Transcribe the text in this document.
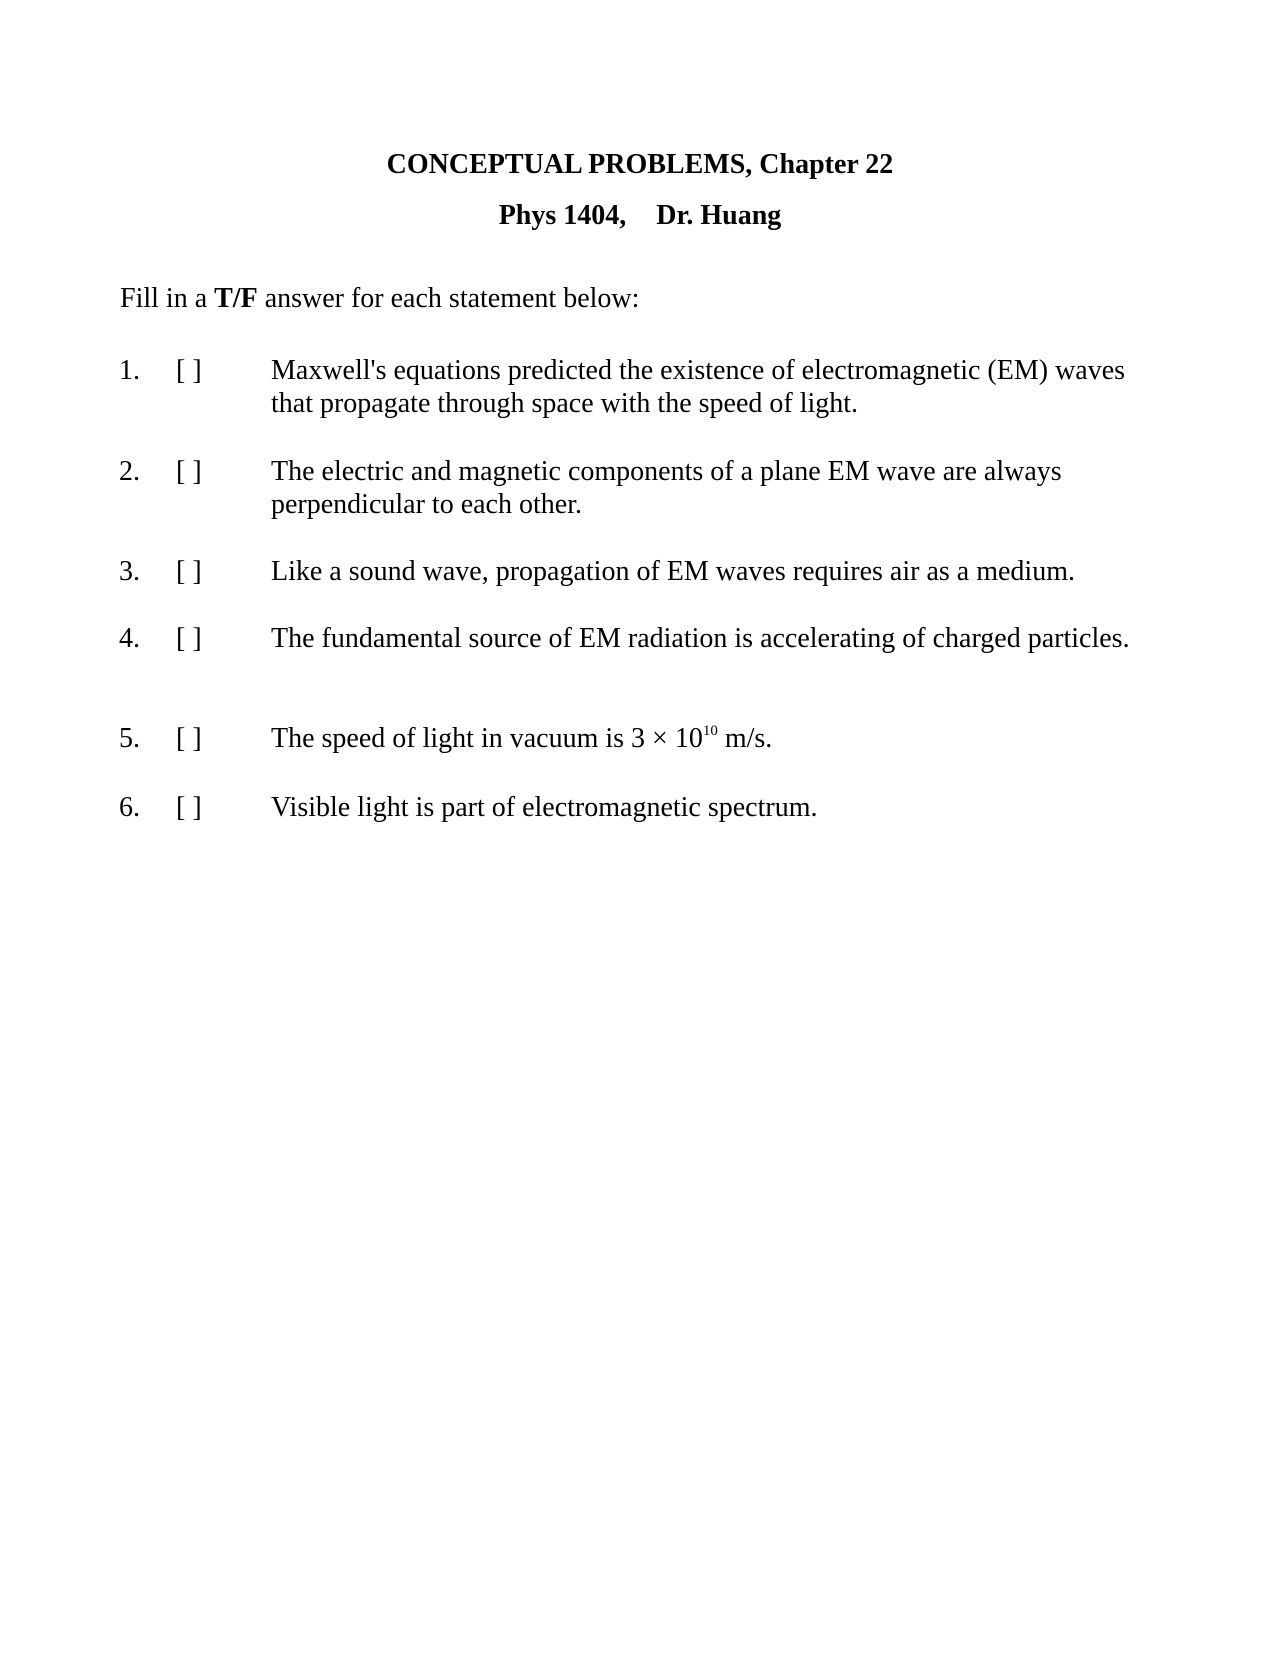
CONCEPTUAL PROBLEMS, Chapter 22
Phys 1404, Dr. Huang
Fill in a T/F answer for each statement below:
1. [ ] Maxwell's equations predicted the existence of electromagnetic (EM) waves that propagate through space with the speed of light.
2. [ ] The electric and magnetic components of a plane EM wave are always perpendicular to each other.
3. [ ] Like a sound wave, propagation of EM waves requires air as a medium.
4. [ ] The fundamental source of EM radiation is accelerating of charged particles.
5. [ ] The speed of light in vacuum is $3 \times 10^{10}$ m/s.
6. [ ] Visible light is part of electromagnetic spectrum.
